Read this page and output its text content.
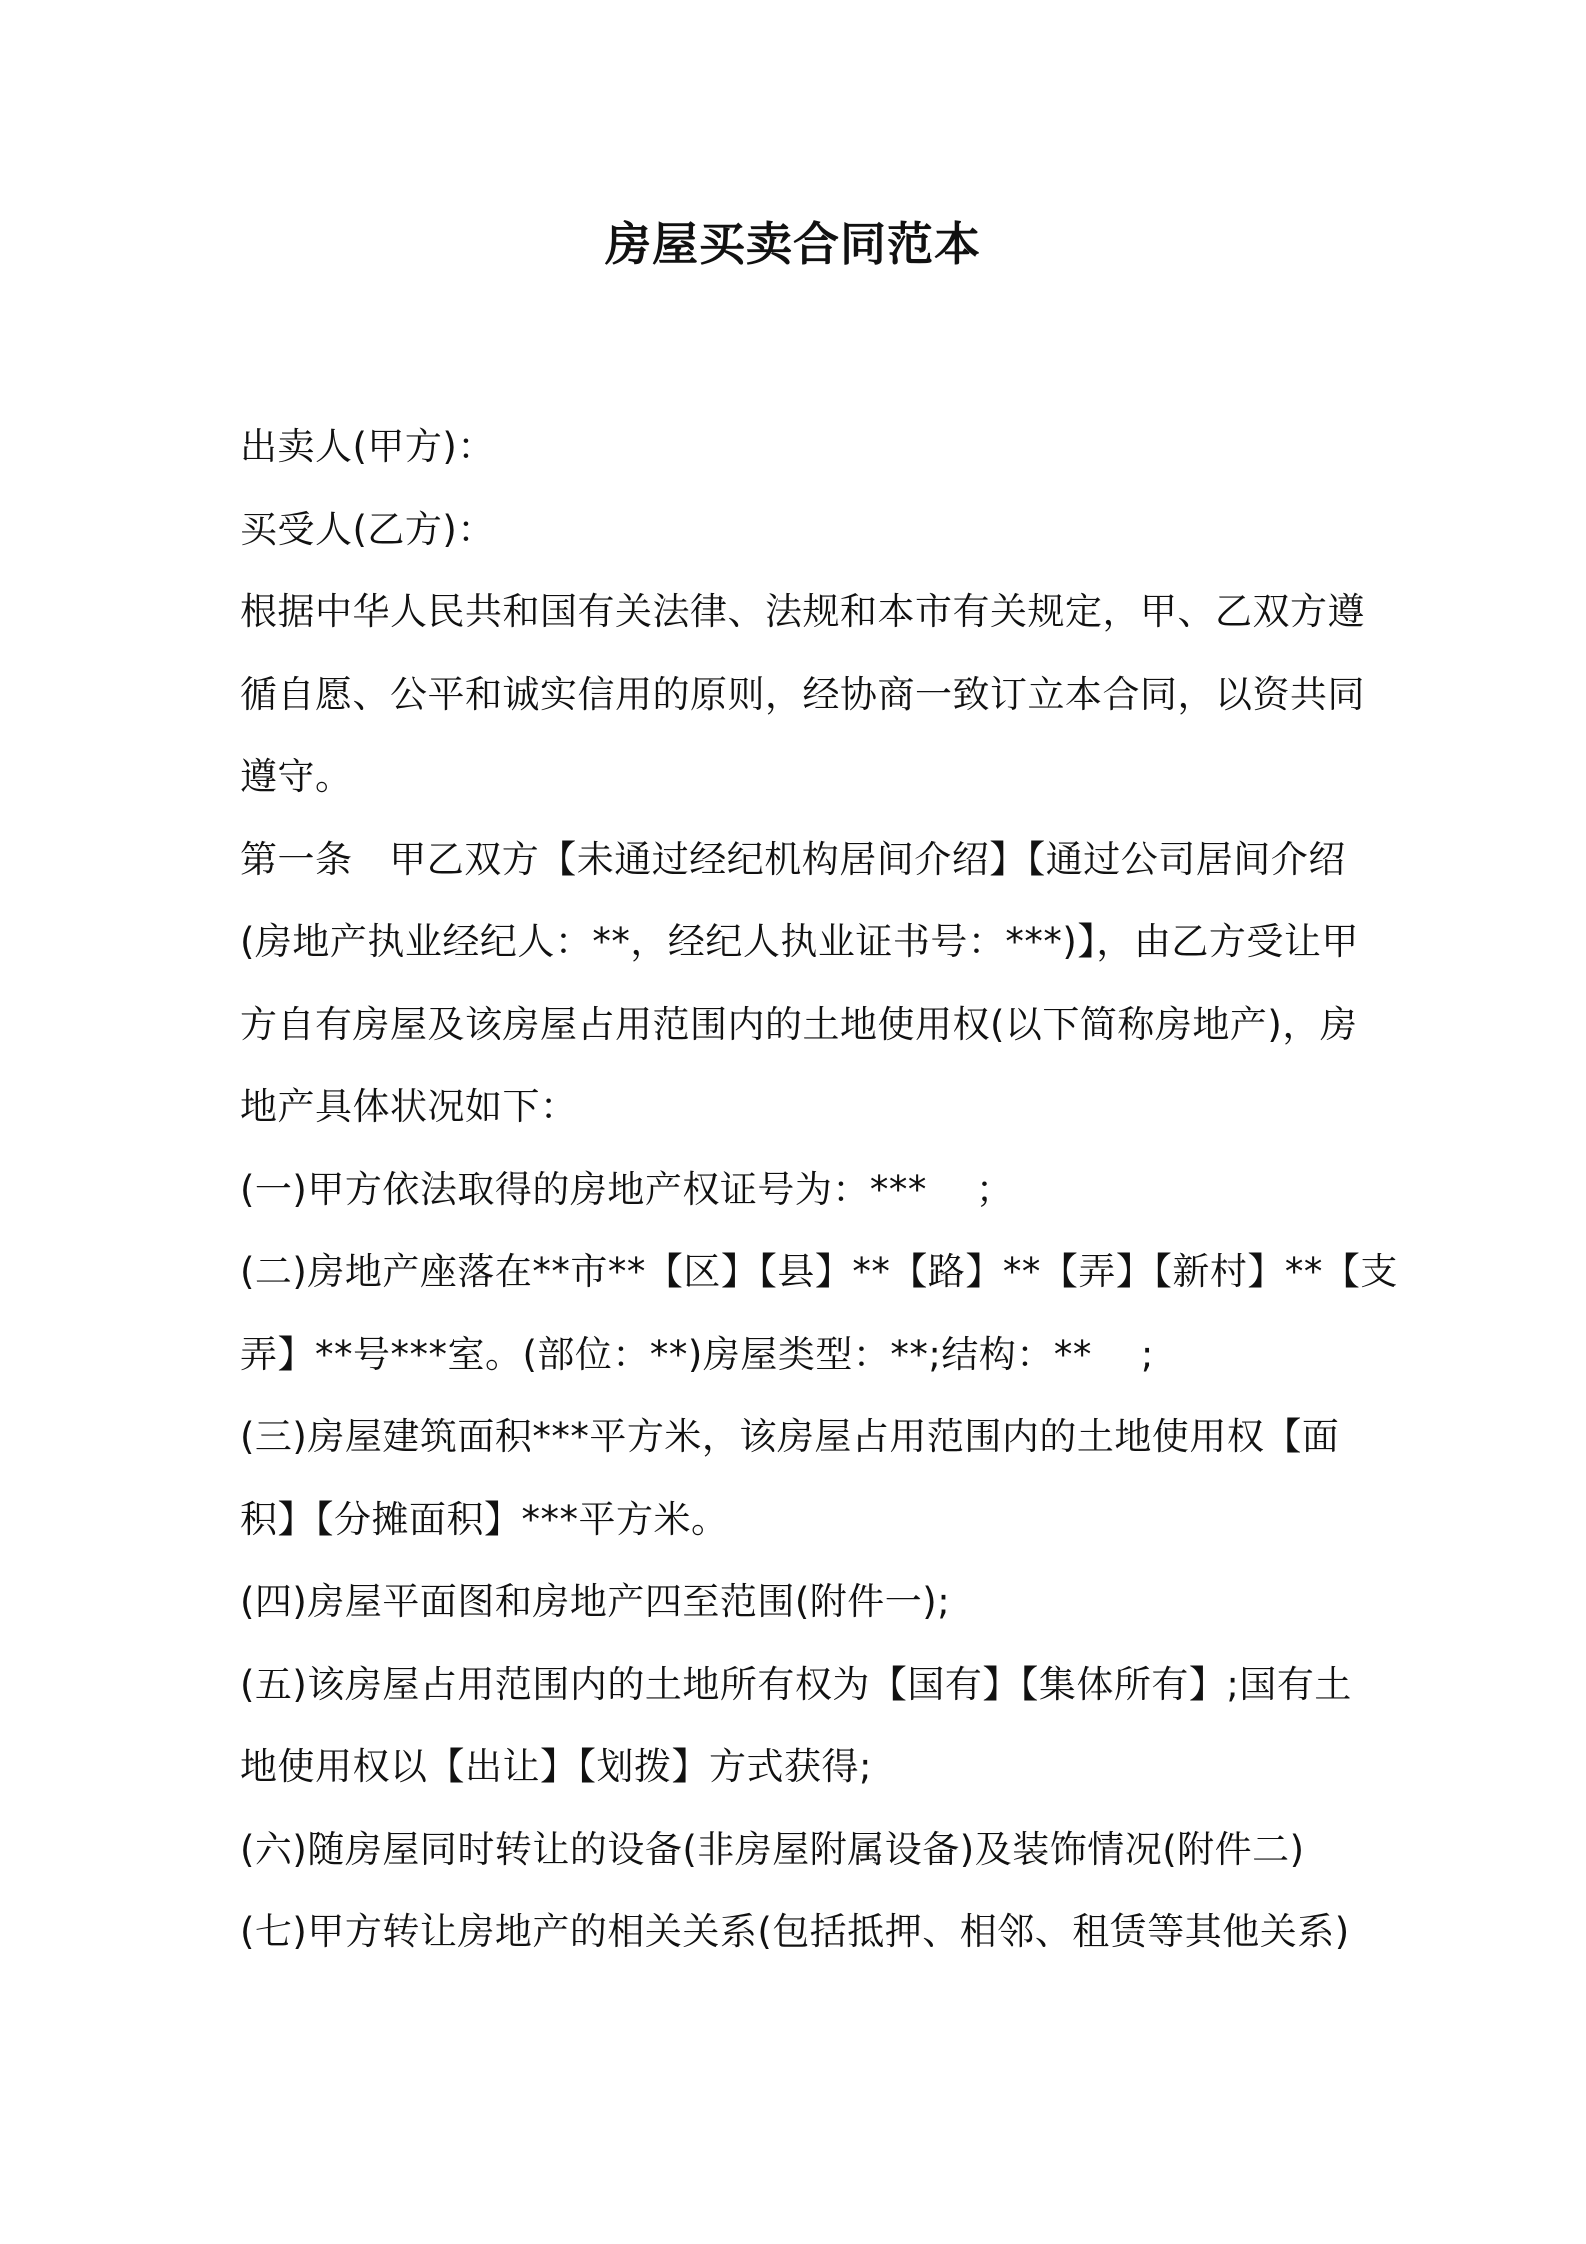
房屋买卖合同范本
出卖人(甲方)：
买受人(乙方)：
根据中华人民共和国有关法律、法规和本市有关规定，甲、乙双方遵
循自愿、公平和诚实信用的原则，经协商一致订立本合同，以资共同
遵守。
第一条   甲乙双方【未通过经纪机构居间介绍】【通过公司居间介绍
(房地产执业经纪人：**，经纪人执业证书号：***)】，由乙方受让甲
方自有房屋及该房屋占用范围内的土地使用权(以下简称房地产)，房
地产具体状况如下：
(一)甲方依法取得的房地产权证号为：***    ；
(二)房地产座落在**市**【区】【县】**【路】**【弄】【新村】**【支
弄】**号***室。(部位：**)房屋类型：**;结构：**    ;
(三)房屋建筑面积***平方米，该房屋占用范围内的土地使用权【面
积】【分摊面积】***平方米。
(四)房屋平面图和房地产四至范围(附件一);
(五)该房屋占用范围内的土地所有权为【国有】【集体所有】;国有土
地使用权以【出让】【划拨】方式获得;
(六)随房屋同时转让的设备(非房屋附属设备)及装饰情况(附件二)
(七)甲方转让房地产的相关关系(包括抵押、相邻、租赁等其他关系)
